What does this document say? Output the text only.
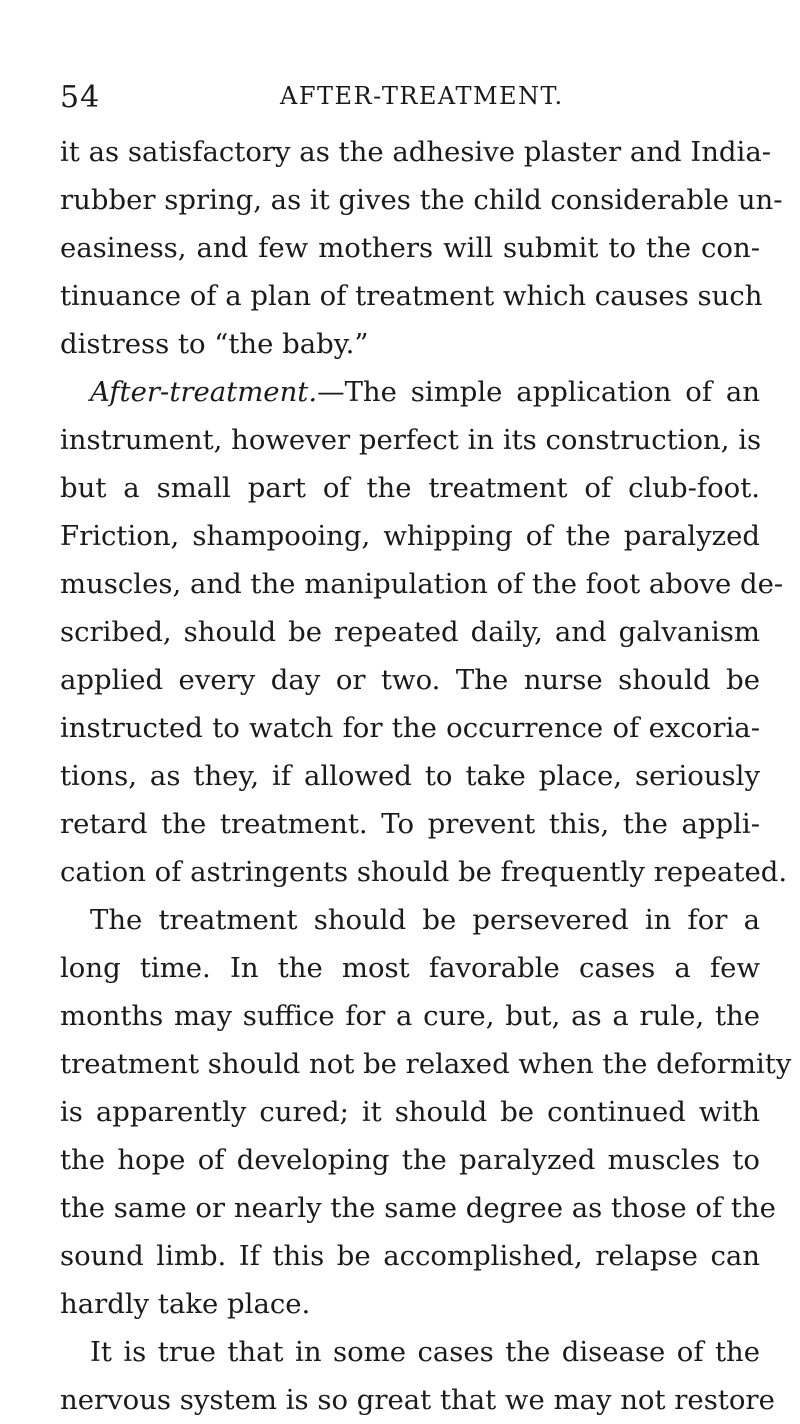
54	AFTER-TREATMENT.
it as satisfactory as the adhesive plaster and India-
rubber spring, as it gives the child considerable un-
easiness, and few mothers will submit to the con-
tinuance of a plan of treatment which causes such
distress to “the baby.”
After-treatment.—The simple application of an
instrument, however perfect in its construction, is
but a small part of the treatment of club-foot.
Friction, shampooing, whipping of the paralyzed
muscles, and the manipulation of the foot above de-
scribed, should be repeated daily, and galvanism
applied every day or two. The nurse should be
instructed to watch for the occurrence of excoria-
tions, as they, if allowed to take place, seriously
retard the treatment. To prevent this, the appli-
cation of astringents should be frequently repeated.
The treatment should be persevered in for a
long time. In the most favorable cases a few
months may suffice for a cure, but, as a rule, the
treatment should not be relaxed when the deformity
is apparently cured; it should be continued with
the hope of developing the paralyzed muscles to
the same or nearly the same degree as those of the
sound limb. If this be accomplished, relapse can
hardly take place.
It is true that in some cases the disease of the
nervous system is so great that we may not restore
